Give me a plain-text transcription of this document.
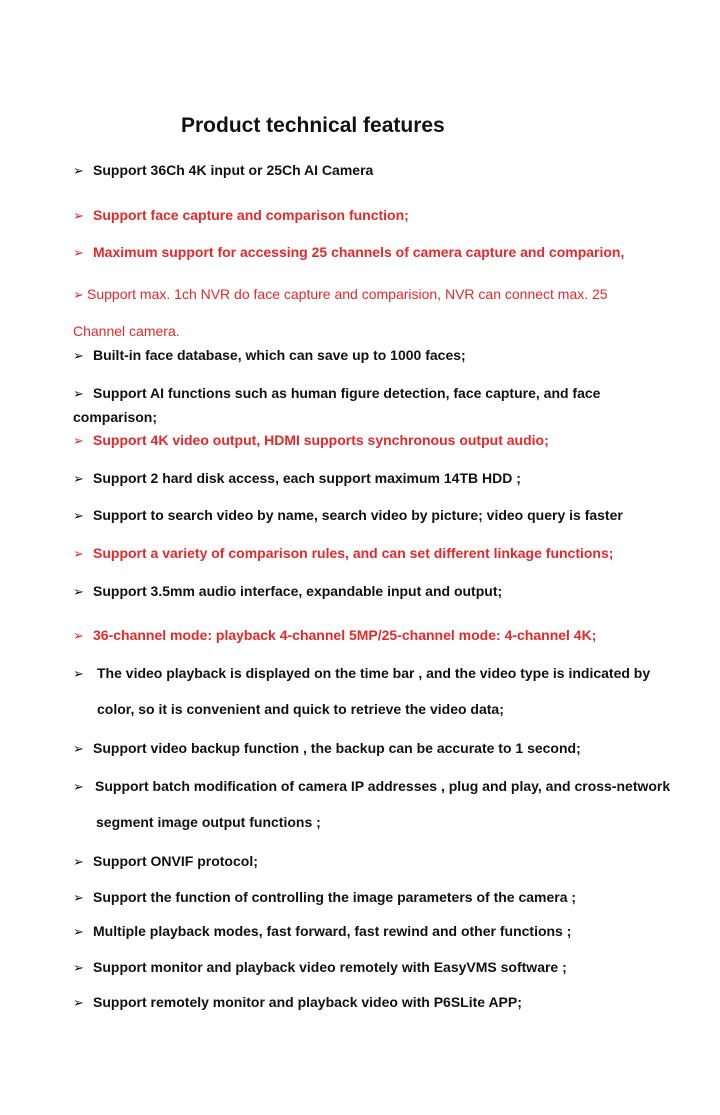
Product technical features
➢ Support 36Ch 4K input or 25Ch AI Camera
➢ Support face capture and comparison function;
➢ Maximum support for accessing 25 channels of camera capture and comparion,
➢ Support max. 1ch NVR do face capture and comparision, NVR can connect max. 25
Channel camera.
➢ Built-in face database, which can save up to 1000 faces;
➢ Support AI functions such as human figure detection, face capture, and face
comparison;
➢ Support 4K video output, HDMI supports synchronous output audio;
➢ Support 2 hard disk access, each support maximum 14TB HDD ;
➢ Support to search video by name, search video by picture; video query is faster
➢ Support a variety of comparison rules, and can set different linkage functions;
➢ Support 3.5mm audio interface, expandable input and output;
➢ 36-channel mode: playback 4-channel 5MP/25-channel mode: 4-channel 4K;
➢ The video playback is displayed on the time bar , and the video type is indicated by
color, so it is convenient and quick to retrieve the video data;
➢ Support video backup function , the backup can be accurate to 1 second;
➢ Support batch modification of camera IP addresses , plug and play, and cross-network
segment image output functions ;
➢ Support ONVIF protocol;
➢ Support the function of controlling the image parameters of the camera ;
➢ Multiple playback modes, fast forward, fast rewind and other functions ;
➢ Support monitor and playback video remotely with EasyVMS software ;
➢ Support remotely monitor and playback video with P6SLite APP;
